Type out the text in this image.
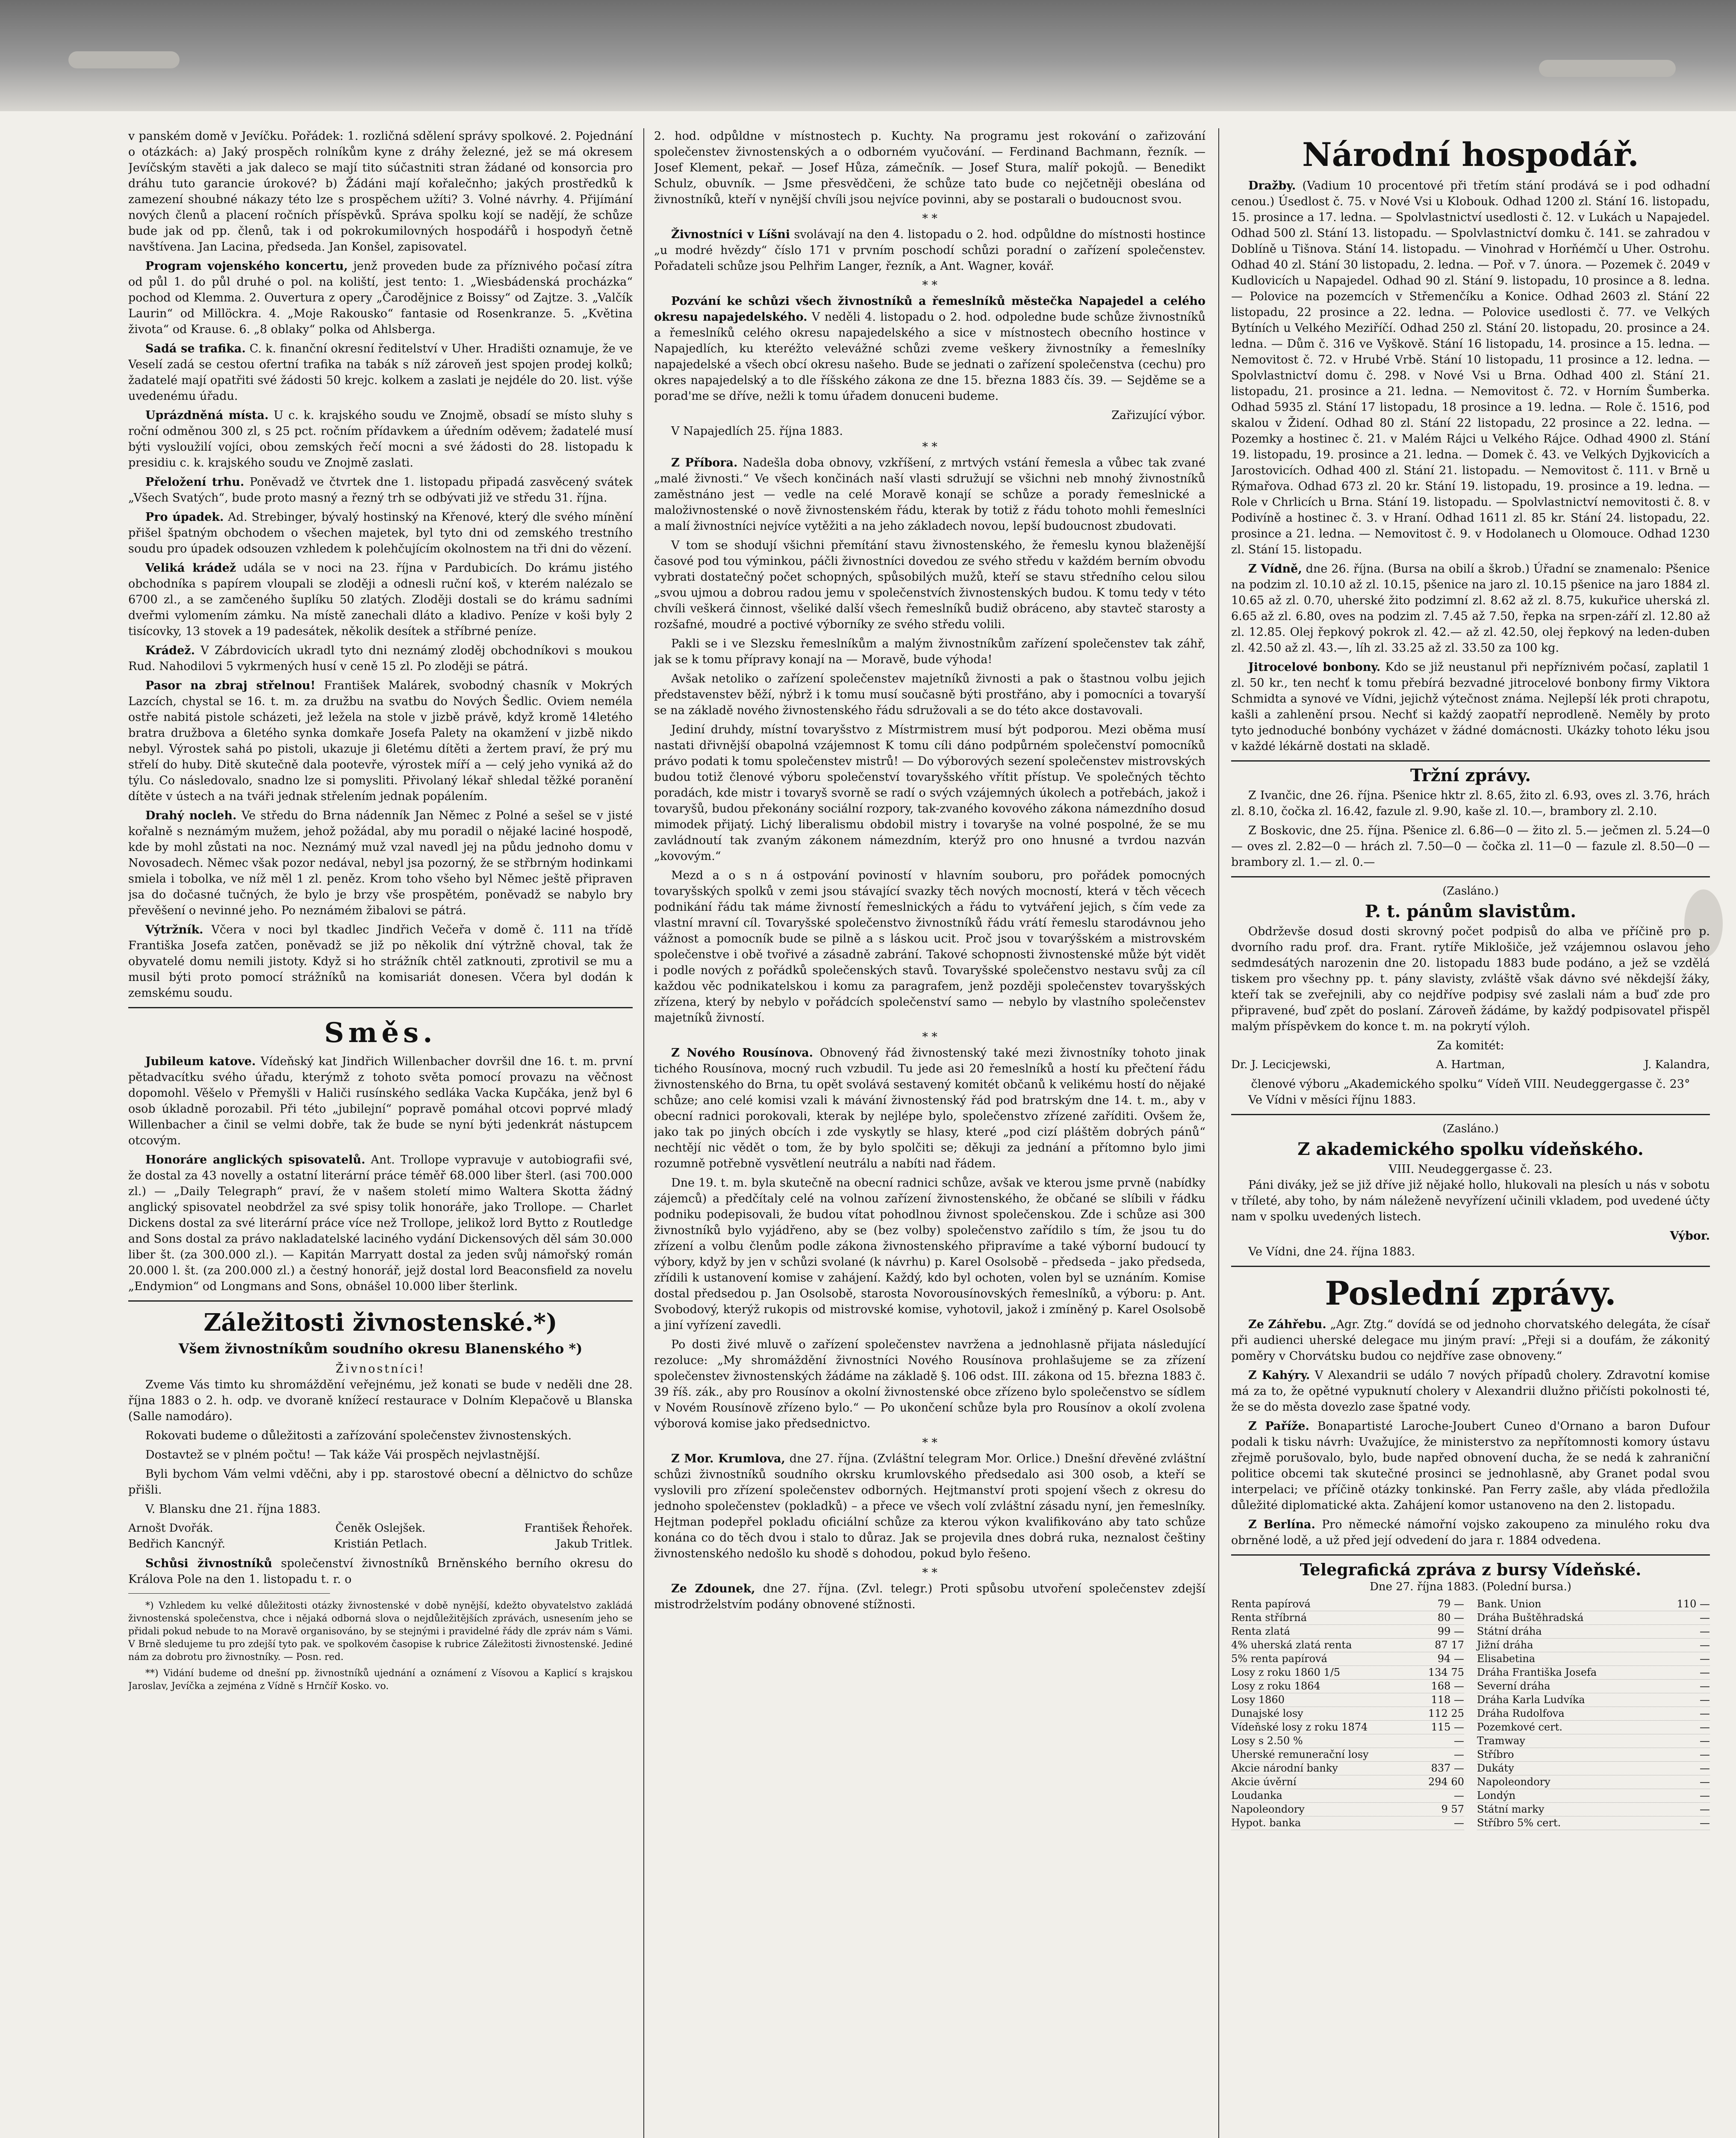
v panském domě v Jevíčku. Pořádek: 1. rozličná sdělení správy spolkové. 2. Pojednání o otázkách: a) Jaký prospěch rolníkům kyne z dráhy železné, jež se má okresem Jevíčským stavěti a jak daleco se mají tito súčastniti stran žádané od konsorcia pro dráhu tuto garancie úrokové? b) Žádáni mají kořalečnho; jakých prostředků k zamezení shoubné nákazy této lze s prospěchem užíti? 3. Volné návrhy. 4. Přijímání nových členů a placení ročních příspěvků. Správa spolku kojí se nadějí, že schůze bude jak od pp. členů, tak i od pokrokumilovných hospodářů i hospodyň četně navštívena. Jan Lacina, předseda. Jan Konšel, zapisovatel.

Program vojenského koncertu, jenž proveden bude za příznivého počasí zítra od půl 1. do půl druhé o pol. na koliští, jest tento: 1. „Wiesbádenská procházka“ pochod od Klemma. 2. Ouvertura z opery „Čarodějnice z Boissy“ od Zajtze. 3. „Valčík Laurin“ od Millöckra. 4. „Moje Rakousko“ fantasie od Rosenkranze. 5. „Květina života“ od Krause. 6. „8 oblaky“ polka od Ahlsberga.

Sadá se trafika. C. k. finanční okresní ředitelství v Uher. Hradišti oznamuje, že ve Veselí zadá se cestou ofertní trafika na tabák s níž zároveň jest spojen prodej kolků; žadatelé mají opatřiti své žádosti 50 krejc. kolkem a zaslati je nejdéle do 20. list. výše uvedenému úřadu.

Uprázdněná místa. U c. k. krajského soudu ve Znojmě, obsadí se místo sluhy s roční odměnou 300 zl, s 25 pct. ročním přídavkem a úředním oděvem; žadatelé musí býti vysloužilí vojíci, obou zemských řečí mocni a své žádosti do 28. listopadu k presidiu c. k. krajského soudu ve Znojmě zaslati.

Přeložení trhu. Poněvadž ve čtvrtek dne 1. listopadu připadá zasvěcený svátek „Všech Svatých“, bude proto masný a řezný trh se odbývati již ve středu 31. října.

Pro úpadek. Ad. Strebinger, bývalý hostinský na Křenové, který dle svého mínění přišel špatným obchodem o všechen majetek, byl tyto dni od zemského trestního soudu pro úpadek odsouzen vzhledem k polehčujícím okolnostem na tři dni do vězení.

Veliká krádež udála se v noci na 23. října v Pardubicích. Do krámu jistého obchodníka s papírem vloupali se zloději a odnesli ruční koš, v kterém nalézalo se 6700 zl., a se zamčeného šuplíku 50 zlatých. Zloději dostali se do krámu sadními dveřmi vylomením zámku. Na místě zanechali dláto a kladivo. Peníze v koši byly 2 tisícovky, 13 stovek a 19 padesátek, několik desítek a stříbrné peníze.

Krádež. V Zábrdovicích ukradl tyto dni neznámý zloděj obchodníkovi s moukou Rud. Nahodilovi 5 vykrmených husí v ceně 15 zl. Po zloději se pátrá.

Pasor na zbraj střelnou! František Malárek, svobodný chasník v Mokrých Lazcích, chystal se 16. t. m. za družbu na svatbu do Nových Šedlic. Oviem neméla ostře nabitá pistole scházeti, jež ležela na stole v jizbě právě, když kromě 14letého bratra družbova a 6letého synka domkaře Josefa Palety na okamžení v jizbě nikdo nebyl. Výrostek sahá po pistoli, ukazuje ji 6letému dítěti a žertem praví, že prý mu střelí do huby. Ditě skutečně dala pootevře, výrostek míří a — celý jeho vyniká až do týlu. Co následovalo, snadno lze si pomysliti. Přivolaný lékař shledal těžké poranění dítěte v ústech a na tváři jednak střelením jednak popálením.

Drahý nocleh. Ve středu do Brna nádenník Jan Němec z Polné a sešel se v jisté kořalně s neznámým mužem, jehož požádal, aby mu poradil o nějaké laciné hospodě, kde by mohl zůstati na noc. Neznámý muž vzal navedl jej na půdu jednoho domu v Novosadech. Němec však pozor nedával, nebyl jsa pozorný, že se střbrným hodinkami smiela i tobolka, ve níž měl 1 zl. peněz. Krom toho všeho byl Němec ještě připraven jsa do dočasné tučných, že bylo je brzy vše prospětém, poněvadž se nabylo bry převěšení o nevinné jeho. Po neznámém žibalovi se pátrá.

Výtržník. Včera v noci byl tkadlec Jindřich Večeřa v domě č. 111 na třídě Františka Josefa zatčen, poněvadž se již po několik dní výtržně choval, tak že obyvatelé domu nemili jistoty. Když si ho strážník chtěl zatknouti, zprotivil se mu a musil býti proto pomocí strážníků na komisariát donesen. Včera byl dodán k zemskému soudu.

Směs.

Jubileum katove. Vídeňský kat Jindřich Willenbacher dovršil dne 16. t. m. první pětadvacítku svého úřadu, kterýmž z tohoto světa pomocí provazu na věčnost dopomohl. Věšelo v Přemyšli v Haliči rusínského sedláka Vacka Kupčáka, jenž byl 6 osob úkladně porozabil. Při této „jubilejní“ popravě pomáhal otcovi poprvé mladý Willenbacher a činil se velmi dobře, tak že bude se nyní býti jedenkrát nástupcem otcovým.

Honoráre anglických spisovatelů. Ant. Trollope vypravuje v autobiografii své, že dostal za 43 novelly a ostatní literární práce téměř 68.000 liber šterl. (asi 700.000 zl.) — „Daily Telegraph“ praví, že v našem století mimo Waltera Skotta žádný anglický spisovatel neobdržel za své spisy tolik honoráře, jako Trollope. — Charlet Dickens dostal za své literární práce více než Trollope, jelikož lord Bytto z Routledge and Sons dostal za právo nakladatelské laciného vydání Dickensových děl sám 30.000 liber št. (za 300.000 zl.). — Kapitán Marryatt dostal za jeden svůj námořský román 20.000 l. št. (za 200.000 zl.) a čestný honorář, jejž dostal lord Beaconsfield za novelu „Endymion“ od Longmans and Sons, obnášel 10.000 liber šterlink.

Záležitosti živnostenské.*)
Všem živnostníkům soudního okresu Blanenského *)
Živnostníci!

Zveme Vás timto ku shromáždění veřejnému, jež konati se bude v neděli dne 28. října 1883 o 2. h. odp. ve dvoraně knížecí restaurace v Dolním Klepačově u Blanska (Salle namodáro).

Rokovati budeme o důležitosti a zařízování společenstev živnostenských.

Dostavtež se v plném počtu! — Tak káže Vái prospěch nejvlastnější.

Byli bychom Vám velmi vděčni, aby i pp. starostové obecní a dělnictvo do schůze přišli.

V. Blansku dne 21. října 1883.

Arnošt Dvořák.	Čeněk Oslejšek.	František Řehořek.
Bedřich Kancnýř.	Kristián Petlach.	Jakub Tritlek.

Schůsi živnostníků společenství živnostníků Brněnského berního okresu do Králova Pole na den 1. listopadu t. r. o

*) Vzhledem ku velké důležitosti otázky živnostenské v době nynější, kdežto obyvatelstvo zakládá živnostenská společenstva, chce i nějaká odborná slova o nejdůležitějších zprávách, usnesením jeho se přidali pokud nebude to na Moravě organisováno, by se stejnými i pravidelné řády dle zpráv nám s Vámi. V Brně sledujeme tu pro zdejší tyto pak. ve spolkovém časopise k rubrice Záležitosti živnostenské. Jediné nám za dobrotu pro živnostníky. — Posn. red.

**) Vidání budeme od dnešní pp. živnostníků ujednání a oznámení z Vísovou a Kaplicí s krajskou Jaroslav, Jevíčka a zejména z Vídně s Hrnčíř Kosko. vo.

2. hod. odpůldne v místnostech p. Kuchty. Na programu jest rokování o zařizování společenstev živnostenských a o odborném vyučování. — Ferdinand Bachmann, řezník. — Josef Klement, pekař. — Josef Hůza, zámečník. — Josef Stura, malíř pokojů. — Benedikt Schulz, obuvník. — Jsme přesvědčeni, že schůze tato bude co nejčetněji obeslána od živnostníků, kteří v nynější chvíli jsou nejvíce povinni, aby se postarali o budoucnost svou.

* *

Živnostníci v Líšni svolávají na den 4. listopadu o 2. hod. odpůldne do místnosti hostince „u modré hvězdy“ číslo 171 v prvním poschodí schůzi poradní o zařízení společenstev. Pořadateli schůze jsou Pelhřim Langer, řezník, a Ant. Wagner, kovář.

* *

Pozvání ke schůzi všech živnostníků a řemeslníků městečka Napajedel a celého okresu napajedelského. V neděli 4. listopadu o 2. hod. odpoledne bude schůze živnostníků a řemeslníků celého okresu napajedelského a sice v místnostech obecního hostince v Napajedlích, ku kteréžto velevážné schůzi zveme veškery živnostníky a řemeslníky napajedelské a všech obcí okresu našeho. Bude se jednati o zařízení společenstva (cechu) pro okres napajedelský a to dle říšského zákona ze dne 15. března 1883 čís. 39. — Sejděme se a porad'me se dříve, nežli k tomu úřadem donuceni budeme.

Zařizující výbor.
V Napajedlích 25. října 1883.
* *

Z Příbora. Nadešla doba obnovy, vzkříšení, z mrtvých vstání řemesla a vůbec tak zvané „malé živnosti.“ Ve všech končinách naší vlasti sdružují se všichni neb mnohý živnostníků zaměstnáno jest — vedle na celé Moravě konají se schůze a porady řemeslnické a maloživnostenské o nově živnostenském řádu, kterak by totiž z řádu tohoto mohli řemeslníci a malí živnostníci nejvíce vytěžiti a na jeho základech novou, lepší budoucnost zbudovati.

V tom se shodují všichni přemítání stavu živnostenského, že řemeslu kynou blaženější časové pod tou výminkou, páčli živnostníci dovedou ze svého středu v každém berním obvodu vybrati dostatečný počet schopných, spůsobilých mužů, kteří se stavu středního celou silou „svou ujmou a dobrou radou jemu v společenstvích živnostenských budou. K tomu tedy v této chvíli veškerá činnost, všeliké další všech řemeslníků budiž obráceno, aby stavteč starosty a rozšafné, moudré a poctivé výborníky ze svého středu volili.

Pakli se i ve Slezsku řemeslníkům a malým živnostníkům zařízení společenstev tak záhř, jak se k tomu přípravy konají na — Moravě, bude výhoda!

Avšak netoliko o zařízení společenstev majetníků živnosti a pak o štastnou volbu jejich představenstev běží, nýbrž i k tomu musí současně býti prostřáno, aby i pomocníci a tovaryší se na základě nového živnostenského řádu sdružovali a se do této akce dostavovali.

Jediní druhdy, místní tovaryšstvo z Místrmistrem musí být podporou. Mezi oběma musí nastati dřivnější obapolná vzájemnost K tomu cíli dáno podpůrném společenství pomocníků právo podati k tomu společenstev mistrů! — Do výborových sezení společenstev mistrovských budou totiž členové výboru společenství tovaryšského vřítit přístup. Ve společných těchto poradách, kde mistr i tovaryš svorně se radí o svých vzájemných úkolech a potřebách, jakož i tovaryšů, budou překonány sociální rozpory, tak-zvaného kovového zákona námezdního dosud mimodek přijatý. Lichý liberalismu obdobil mistry i tovaryše na volné pospolné, že se mu zavládnoutí tak zvaným zákonem námezdním, kterýž pro ono hnusné a tvrdou nazván „kovovým.“

Mezd a o s n á ostpování poviností v hlavním souboru, pro pořádek pomocných tovaryšských spolků v zemi jsou stávající svazky těch nových mocností, která v těch věcech podnikání řádu tak máme živností řemeslnických a řádu to vytváření jejich, s čím vede za vlastní mravní cíl. Tovaryšské společenstvo živnostníků řádu vrátí řemeslu starodávnou jeho vážnost a pomocník bude se pilně a s láskou ucit. Proč jsou v tovarýšském a mistrovském společenstve i obě tvořivé a zásadně zabrání. Takové schopnosti živnostenské může být vidět i podle nových z pořádků společenských stavů. Tovaryšské společenstvo nestavu svůj za cíl každou věc podnikatelskou i komu za paragrafem, jenž později společenstev tovaryšských zřízena, který by nebylo v pořádcích společenství samo — nebylo by vlastního společenstev majetníků živností.

* *

Z Nového Rousínova. Obnovený řád živnostenský také mezi živnostníky tohoto jinak tichého Rousínova, mocný ruch vzbudil. Tu jede asi 20 řemeslníků a hostí ku přečtení řádu živnostenského do Brna, tu opět svolává sestavený komitét občanů k velikému hostí do nějaké schůze; ano celé komisi vzali k mávání živnostenský řád pod bratrským dne 14. t. m., aby v obecní radnici porokovali, kterak by nejlépe bylo, společenstvo zřízené zaříditi. Ovšem že, jako tak po jiných obcích i zde vyskytly se hlasy, které „pod cizí pláštěm dobrých pánů“ nechtějí nic vědět o tom, že by bylo spolčiti se; děkuji za jednání a přítomno bylo jimi rozumně potřebně vysvětlení neutrálu a nabíti nad řádem.

Dne 19. t. m. byla skutečně na obecní radnici schůze, avšak ve kterou jsme prvně (nabídky zájemců) a předčítaly celé na volnou zařízení živnostenského, že občané se slíbili v řádku podniku podepisovali, že budou vítat pohodlnou živnost společenskou. Zde i schůze asi 300 živnostníků bylo vyjádřeno, aby se (bez volby) společenstvo zařídilo s tím, že jsou tu do zřízení a volbu členům podle zákona živnostenského připravíme a také výborní budoucí ty výbory, když by jen v schůzi svolané (k návrhu) p. Karel Osolsobě – předseda – jako předseda, zřídili k ustanovení komise v zahájení. Každý, kdo byl ochoten, volen byl se uznáním. Komise dostal předsedou p. Jan Osolsobě, starosta Novorousínovských řemeslníků, a výboru: p. Ant. Svobodový, kterýž rukopis od mistrovské komise, vyhotovil, jakož i zmíněný p. Karel Osolsobě a jiní vyřízení zavedli.

Po dosti živé mluvě o zařízení společenstev navržena a jednohlasně přijata následující rezoluce: „My shromáždění živnostníci Nového Rousínova prohlašujeme se za zřízení společenstev živnostenských žádáme na základě §. 106 odst. III. zákona od 15. března 1883 č. 39 říš. zák., aby pro Rousínov a okolní živnostenské obce zřízeno bylo společenstvo se sídlem v Novém Rousínově zřízeno bylo.“ — Po ukončení schůze byla pro Rousínov a okolí zvolena výborová komise jako předsednictvo.

* *

Z Mor. Krumlova, dne 27. října. (Zvláštní telegram Mor. Orlice.) Dnešní dřevěné zvláštní schůzi živnostníků soudního okrsku krumlovského předsedalo asi 300 osob, a kteří se vyslovili pro zřízení společenstev odborných. Hejtmanství proti spojení všech z okresu do jednoho společenstev (pokladků) – a přece ve všech volí zvláštní zásadu nyní, jen řemeslníky. Hejtman podepřel pokladu oficiální schůze za kterou výkon kvalifikováno aby tato schůze konána co do těch dvou i stalo to důraz. Jak se projevila dnes dobrá ruka, neznalost češtiny živnostenského nedošlo ku shodě s dohodou, pokud bylo řešeno.

* *

Ze Zdounek, dne 27. října. (Zvl. telegr.) Proti spůsobu utvoření společenstev zdejší mistrodrželstvím podány obnovené stížnosti.

Národní hospodář.

Dražby. (Vadium 10 procentové při třetím stání prodává se i pod odhadní cenou.) Úsedlost č. 75. v Nové Vsi u Klobouk. Odhad 1200 zl. Stání 16. listopadu, 15. prosince a 17. ledna. — Spolvlastnictví usedlosti č. 12. v Lukách u Napajedel. Odhad 500 zl. Stání 13. listopadu. — Spolvlastnictví domku č. 141. se zahradou v Doblíně u Tišnova. Stání 14. listopadu. — Vinohrad v Horňémčí u Uher. Ostrohu. Odhad 40 zl. Stání 30 listopadu, 2. ledna. — Poř. v 7. února. — Pozemek č. 2049 v Kudlovicích u Napajedel. Odhad 90 zl. Stání 9. listopadu, 10 prosince a 8. ledna. — Polovice na pozemcích v Střemenčíku a Konice. Odhad 2603 zl. Stání 22 listopadu, 22 prosince a 22. ledna. — Polovice usedlosti č. 77. ve Velkých Bytíních u Velkého Meziříčí. Odhad 250 zl. Stání 20. listopadu, 20. prosince a 24. ledna. — Dům č. 316 ve Vyškově. Stání 16 listopadu, 14. prosince a 15. ledna. — Nemovitost č. 72. v Hrubé Vrbě. Stání 10 listopadu, 11 prosince a 12. ledna. — Spolvlastnictví domu č. 298. v Nové Vsi u Brna. Odhad 400 zl. Stání 21. listopadu, 21. prosince a 21. ledna. — Nemovitost č. 72. v Horním Šumberka. Odhad 5935 zl. Stání 17 listopadu, 18 prosince a 19. ledna. — Role č. 1516, pod skalou v Židení. Odhad 80 zl. Stání 22 listopadu, 22 prosince a 22. ledna. — Pozemky a hostinec č. 21. v Malém Rájci u Velkého Rájce. Odhad 4900 zl. Stání 19. listopadu, 19. prosince a 21. ledna. — Domek č. 43. ve Velkých Dyjkovicích a Jarostovicích. Odhad 400 zl. Stání 21. listopadu. — Nemovitost č. 111. v Brně u Rýmařova. Odhad 673 zl. 20 kr. Stání 19. listopadu, 19. prosince a 19. ledna. — Role v Chrlicích u Brna. Stání 19. listopadu. — Spolvlastnictví nemovitosti č. 8. v Podivíně a hostinec č. 3. v Hraní. Odhad 1611 zl. 85 kr. Stání 24. listopadu, 22. prosince a 21. ledna. — Nemovitost č. 9. v Hodolanech u Olomouce. Odhad 1230 zl. Stání 15. listopadu.

Z Vídně, dne 26. října. (Bursa na obilí a škrob.) Úřadní se znamenalo: Pšenice na podzim zl. 10.10 až zl. 10.15, pšenice na jaro zl. 10.15 pšenice na jaro 1884 zl. 10.65 až zl. 0.70, uherské žito podzimní zl. 8.62 až zl. 8.75, kukuřice uherská zl. 6.65 až zl. 6.80, oves na podzim zl. 7.45 až 7.50, řepka na srpen-září zl. 12.80 až zl. 12.85. Olej řepkový pokrok zl. 42.— až zl. 42.50, olej řepkový na leden-duben zl. 42.50 až zl. 43.—, líh zl. 33.25 až zl. 33.50 za 100 kg.

Jitrocelové bonbony. Kdo se již neustanul při nepříznivém počasí, zaplatil 1 zl. 50 kr., ten nechť k tomu přebírá bezvadné jitrocelové bonbony firmy Viktora Schmidta a synové ve Vídni, jejichž výtečnost známa. Nejlepší lék proti chrapotu, kašli a zahlenění prsou. Nechť si každý zaopatří neprodleně. Neměly by proto tyto jednoduché bonbóny vycházet v žádné domácnosti. Ukázky tohoto léku jsou v každé lékárně dostati na skladě.

Tržní zprávy.

Z Ivančic, dne 26. října. Pšenice hktr zl. 8.65, žito zl. 6.93, oves zl. 3.76, hrách zl. 8.10, čočka zl. 16.42, fazule zl. 9.90, kaše zl. 10.—, brambory zl. 2.10.

Z Boskovic, dne 25. října. Pšenice zl. 6.86—0 — žito zl. 5.— ječmen zl. 5.24—0 — oves zl. 2.82—0 — hrách zl. 7.50—0 — čočka zl. 11—0 — fazule zl. 8.50—0 — brambory zl. 1.— zl. 0.—

(Zasláno.)
P. t. pánům slavistům.

Obdrževše dosud dosti skrovný počet podpisů do alba ve příčině pro p. dvorního radu prof. dra. Frant. rytíře Miklošiče, jež vzájemnou oslavou jeho sedmdesátých narozenin dne 20. listopadu 1883 bude podáno, a jež se vzdělá tiskem pro všechny pp. t. pány slavisty, zvláště však dávno své někdejší žáky, kteří tak se zveřejnili, aby co nejdříve podpisy své zaslali nám a buď zde pro připravené, buď zpět do poslaní. Zároveň žádáme, by každý podpisovatel přispěl malým příspěvkem do konce t. m. na pokrytí výloh.

Za komitét:
Dr. J. Lecicjewski,	A. Hartman,	J. Kalandra,
členové výboru „Akademického spolku“ Vídeň VIII. Neudeggergasse č. 23°
Ve Vídni v měsíci říjnu 1883.
(Zasláno.)
Z akademického spolku vídeňského.
VIII. Neudeggergasse č. 23.

Páni diváky, jež se již dříve již nějaké hollo, hlukovali na plesích u nás v sobotu v tříleté, aby toho, by nám náleženě nevyřízení učinili vkladem, pod uvedené účty nam v spolku uvedených listech.

Výbor.
Ve Vídni, dne 24. října 1883.
Poslední zprávy.

Ze Záhřebu. „Agr. Ztg.“ dovídá se od jednoho chorvatského delegáta, že císař při audienci uherské delegace mu jiným praví: „Přeji si a doufám, že zákonitý poměry v Chorvátsku budou co nejdříve zase obnoveny.“

Z Kahýry. V Alexandrii se událo 7 nových případů cholery. Zdravotní komise má za to, že opětné vypuknutí cholery v Alexandrii dlužno přičísti pokolnosti té, že se do města dovezlo zase špatné vody.

Z Paříže. Bonapartisté Laroche-Joubert Cuneo d'Ornano a baron Dufour podali k tisku návrh: Uvažujíce, že ministerstvo za nepřítomnosti komory ústavu zřejmě porušovalo, bylo, bude napřed obnovení ducha, že se nedá k zahraniční politice obcemi tak skutečné prosinci se jednohlasně, aby Granet podal svou interpelaci; ve příčině otázky tonkinské. Pan Ferry zašle, aby vláda předložila důležité diplomatické akta. Zahájení komor ustanoveno na den 2. listopadu.

Z Berlína. Pro německé námořní vojsko zakoupeno za minulého roku dva obrněné lodě, a už před její odvedení do jara r. 1884 odvedena.

Telegrafická zpráva z bursy Vídeňské.
Dne 27. října 1883. (Polední bursa.)
Renta papírová	79 —
Renta stříbrná	80 —
Renta zlatá	99 —
4% uherská zlatá renta	87 17
5% renta papírová	94 —
Losy z roku 1860 1/5	134 75
Losy z roku 1864	168 —
Losy 1860	118 —
Dunajské losy	112 25
Vídeňské losy z roku 1874	115 —
Losy s 2.50 %	—
Uherské remunerační losy	—
Akcie národní banky	837 —
Akcie úvěrní	294 60
Loudanka	—
Napoleondory	9 57
Hypot. banka	—
Bank. Union	110 —
Dráha Buštěhradská	—
Státní dráha	—
Jižní dráha	—
Elisabetina	—
Dráha Františka Josefa	—
Severní dráha	—
Dráha Karla Ludvíka	—
Dráha Rudolfova	—
Pozemkové cert.	—
Tramway	—
Stříbro	—
Dukáty	—
Napoleondory	—
Londýn	—
Státní marky	—
Stříbro 5% cert.	—
